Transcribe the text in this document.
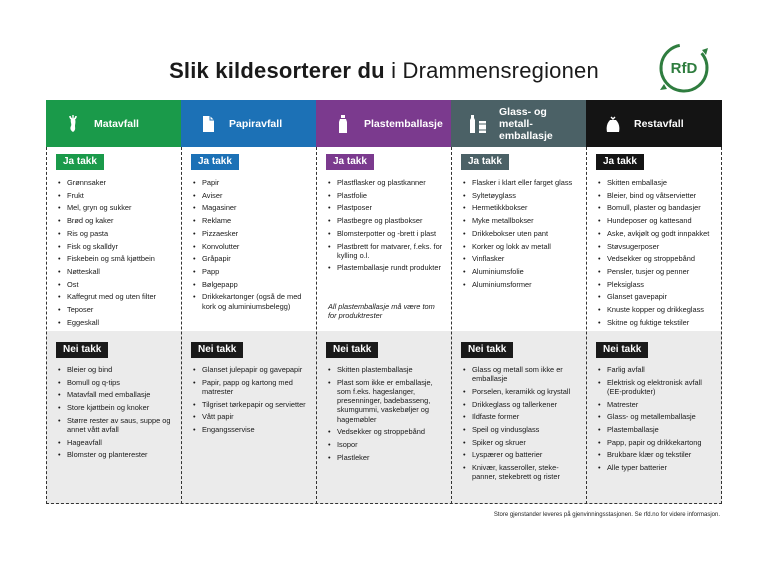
Slik kildesorterer du i Drammensregionen	RfD
Matavfall
Ja takk
• Grønnsaker
• Frukt
• Mel, gryn og sukker
• Brød og kaker
• Ris og pasta
• Fisk og skalldyr
• Fiskebein og små kjøttbein
• Nøtteskall
• Ost
• Kaffegrut med og uten filter
• Teposer
• Eggeskall
Nei takk
• Bleier og bind
• Bomull og q-tips
• Matavfall med emballasje
• Store kjøttbein og knoker
• Større rester av saus, suppe og annet vått avfall
• Hageavfall
• Blomster og planterester
Papiravfall
Ja takk
• Papir
• Aviser
• Magasiner
• Reklame
• Pizzaesker
• Konvolutter
• Gråpapir
• Papp
• Bølgepapp
• Drikkekartonger (også de med kork og aluminiumsbelegg)
Nei takk
• Glanset julepapir og gavepapir
• Papir, papp og kartong med matrester
• Tilgriset tørkepapir og servietter
• Vått papir
• Engangsservise
Plastemballasje
Ja takk
• Plastflasker og plastkanner
• Plastfolie
• Plastposer
• Plastbegre og plastbokser
• Blomsterpotter og -brett i plast
• Plastbrett for matvarer, f.eks. for kylling o.l.
• Plastemballasje rundt produkter
All plastemballasje må være tom for produktrester
Nei takk
• Skitten plastemballasje
• Plast som ikke er emballasje, som f.eks. hageslanger, presenninger, badebasseng, skumgummi, vaskebøljer og hagemøbler
• Vedsekker og stroppebånd
• Isopor
• Plastleker
Glass- og metall-emballasje
Ja takk
• Flasker i klart eller farget glass
• Syltetøyglass
• Hermetikkbokser
• Myke metallbokser
• Drikkebokser uten pant
• Korker og lokk av metall
• Vinflasker
• Aluminiumsfolie
• Aluminiumsformer
Nei takk
• Glass og metall som ikke er emballasje
• Porselen, keramikk og krystall
• Drikkeglass og tallerkener
• Ildfaste former
• Speil og vindusglass
• Spiker og skruer
• Lyspærer og batterier
• Knivær, kasseroller, steke-panner, stekebrett og rister
Restavfall
Ja takk
• Skitten emballasje
• Bleier, bind og våtservietter
• Bomull, plaster og bandasjer
• Hundeposer og kattesand
• Aske, avkjølt og godt innpakket
• Støvsugerposer
• Vedsekker og stroppebånd
• Pensler, tusjer og penner
• Pleksiglass
• Glanset gavepapir
• Knuste kopper og drikkeglass
• Skitne og fuktige tekstiler
Nei takk
• Farlig avfall
• Elektrisk og elektronisk avfall (EE-produkter)
• Matrester
• Glass- og metallemballasje
• Plastemballasje
• Papp, papir og drikkekartong
• Brukbare klær og tekstiler
• Alle typer batterier
Store gjenstander leveres på gjenvinningsstasjonen. Se rfd.no for videre informasjon.
